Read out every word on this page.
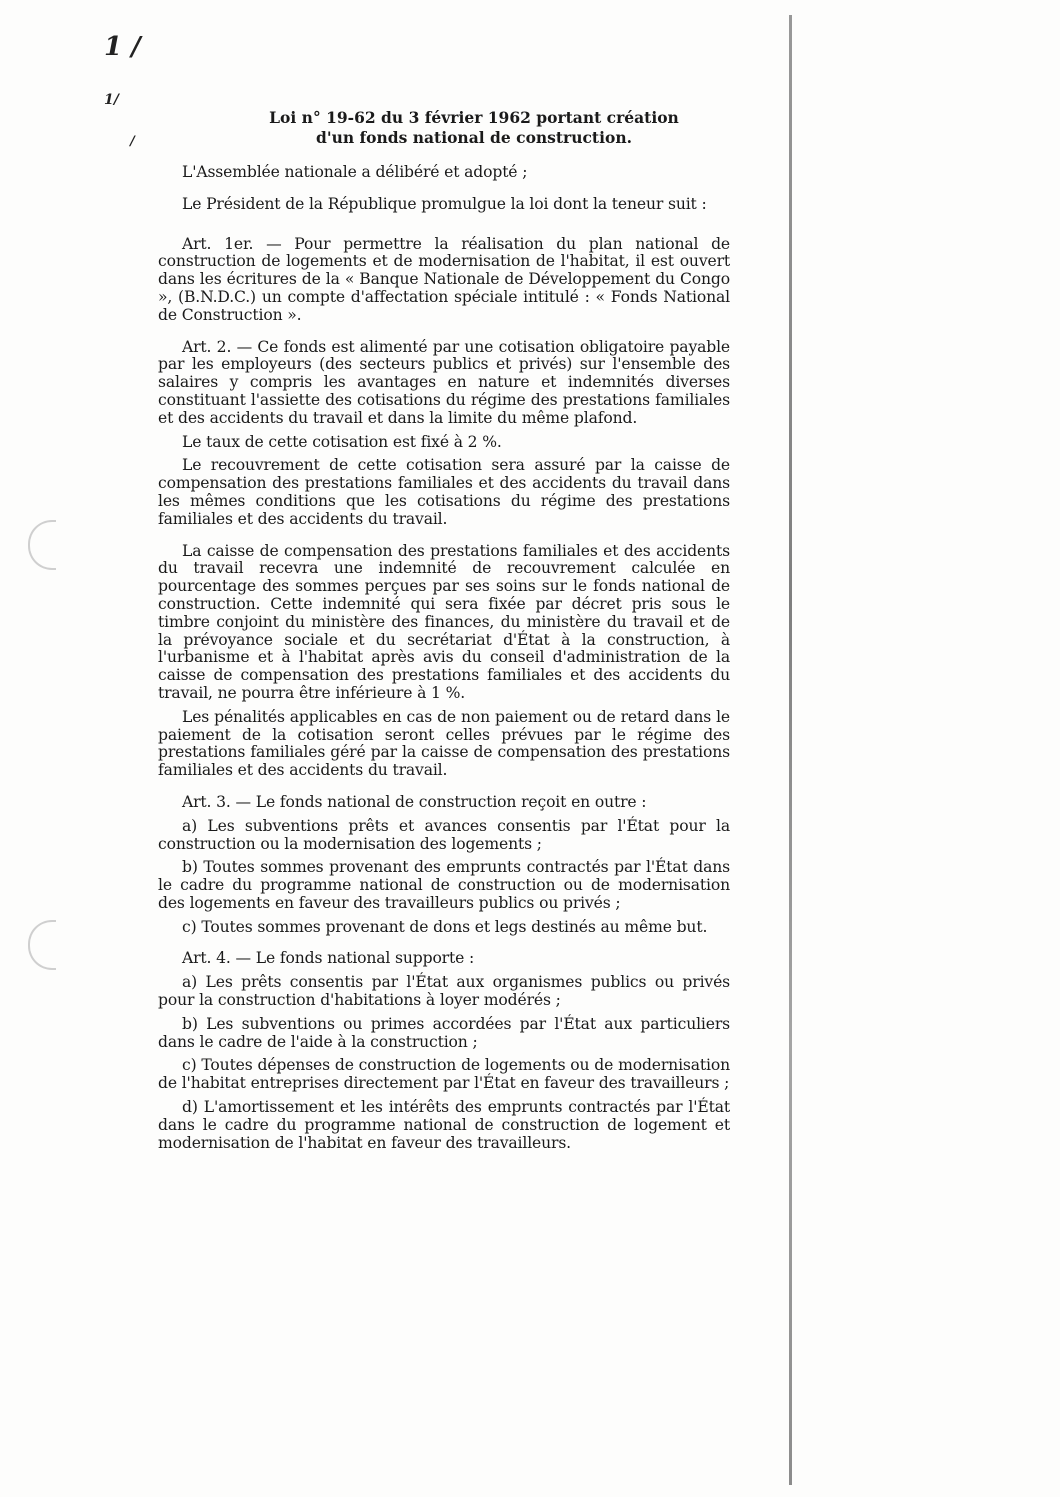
1 /
1/
/
Loi n° 19-62 du 3 février 1962 portant création
d'un fonds national de construction.

L'Assemblée nationale a délibéré et adopté ;

Le Président de la République promulgue la loi dont la teneur suit :

Art. 1er. — Pour permettre la réalisation du plan national de construction de logements et de modernisation de l'habitat, il est ouvert dans les écritures de la « Banque Nationale de Développement du Congo », (B.N.D.C.) un compte d'affectation spéciale intitulé : « Fonds National de Construction ».

Art. 2. — Ce fonds est alimenté par une cotisation obligatoire payable par les employeurs (des secteurs publics et privés) sur l'ensemble des salaires y compris les avantages en nature et indemnités diverses constituant l'assiette des cotisations du régime des prestations familiales et des accidents du travail et dans la limite du même plafond.

Le taux de cette cotisation est fixé à 2 %.

Le recouvrement de cette cotisation sera assuré par la caisse de compensation des prestations familiales et des accidents du travail dans les mêmes conditions que les cotisations du régime des prestations familiales et des accidents du travail.

La caisse de compensation des prestations familiales et des accidents du travail recevra une indemnité de recouvrement calculée en pourcentage des sommes perçues par ses soins sur le fonds national de construction. Cette indemnité qui sera fixée par décret pris sous le timbre conjoint du ministère des finances, du ministère du travail et de la prévoyance sociale et du secrétariat d'État à la construction, à l'urbanisme et à l'habitat après avis du conseil d'administration de la caisse de compensation des prestations familiales et des accidents du travail, ne pourra être inférieure à 1 %.

Les pénalités applicables en cas de non paiement ou de retard dans le paiement de la cotisation seront celles prévues par le régime des prestations familiales géré par la caisse de compensation des prestations familiales et des accidents du travail.

Art. 3. — Le fonds national de construction reçoit en outre :

a) Les subventions prêts et avances consentis par l'État pour la construction ou la modernisation des logements ;

b) Toutes sommes provenant des emprunts contractés par l'État dans le cadre du programme national de construction ou de modernisation des logements en faveur des travailleurs publics ou privés ;

c) Toutes sommes provenant de dons et legs destinés au même but.

Art. 4. — Le fonds national supporte :

a) Les prêts consentis par l'État aux organismes publics ou privés pour la construction d'habitations à loyer modérés ;

b) Les subventions ou primes accordées par l'État aux particuliers dans le cadre de l'aide à la construction ;

c) Toutes dépenses de construction de logements ou de modernisation de l'habitat entreprises directement par l'État en faveur des travailleurs ;

d) L'amortissement et les intérêts des emprunts contractés par l'État dans le cadre du programme national de construction de logement et modernisation de l'habitat en faveur des travailleurs.
